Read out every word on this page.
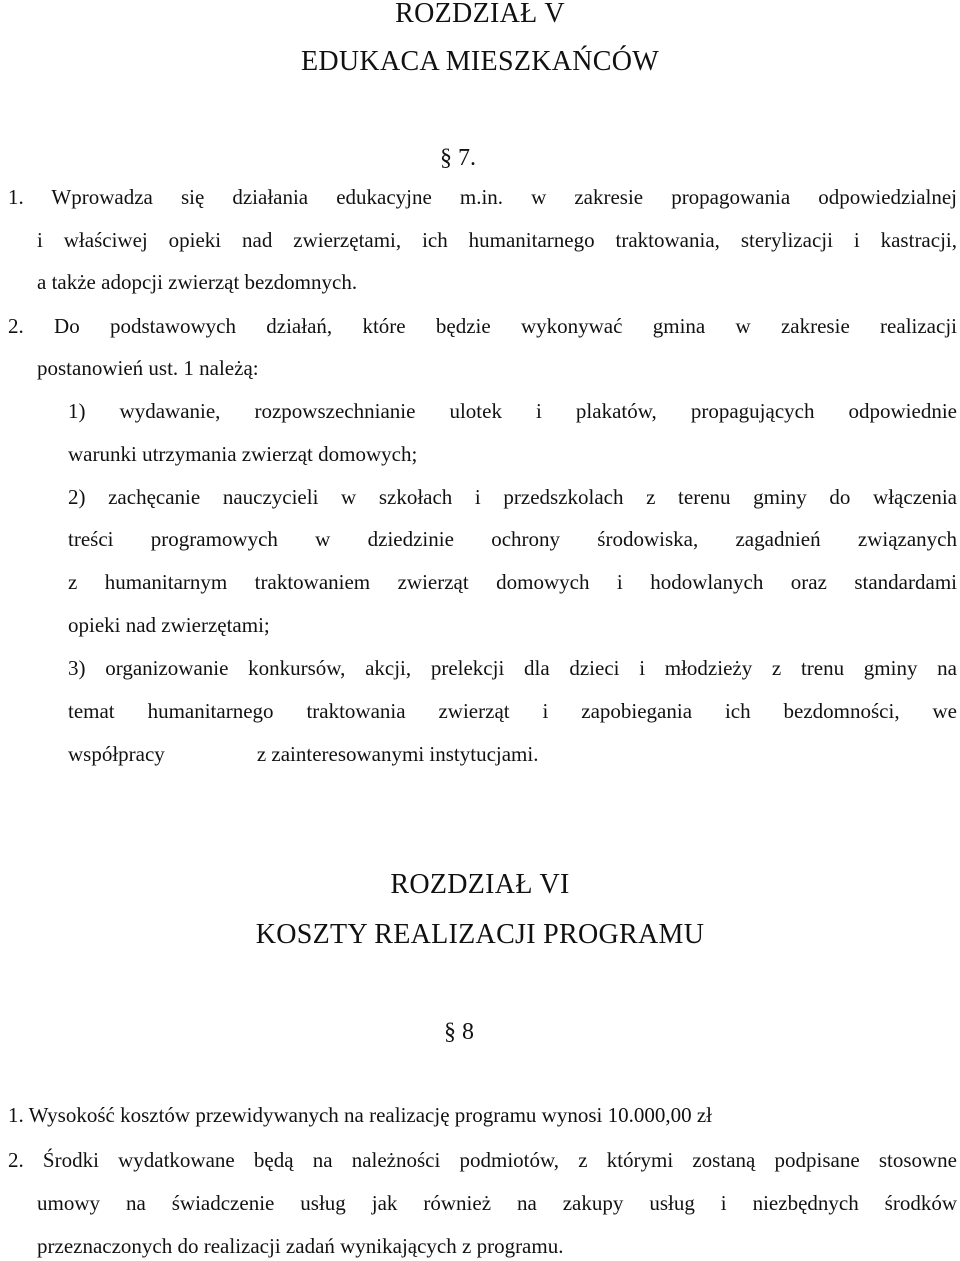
ROZDZIAŁ V
EDUKACA MIESZKAŃCÓW
§ 7.
1. Wprowadza się działania edukacyjne m.in. w zakresie propagowania odpowiedzialnej
i właściwej opieki nad zwierzętami, ich humanitarnego traktowania, sterylizacji i kastracji,
a także adopcji zwierząt bezdomnych.
2. Do podstawowych działań, które będzie wykonywać gmina w zakresie realizacji
postanowień ust. 1 należą:
1) wydawanie, rozpowszechnianie ulotek i plakatów, propagujących odpowiednie
warunki utrzymania zwierząt domowych;
2) zachęcanie nauczycieli w szkołach i przedszkolach z terenu gminy do włączenia
treści programowych w dziedzinie ochrony środowiska, zagadnień związanych
z humanitarnym traktowaniem zwierząt domowych i hodowlanych oraz standardami
opieki nad zwierzętami;
3) organizowanie konkursów, akcji, prelekcji dla dzieci i młodzieży z trenu gminy na
temat humanitarnego traktowania zwierząt i zapobiegania ich bezdomności, we
współpracy	z zainteresowanymi instytucjami.
ROZDZIAŁ VI
KOSZTY REALIZACJI PROGRAMU
§ 8
1. Wysokość kosztów przewidywanych na realizację programu wynosi 10.000,00 zł
2. Środki wydatkowane będą na należności podmiotów, z którymi zostaną podpisane stosowne
umowy na świadczenie usług jak również na zakupy usług i niezbędnych środków
przeznaczonych do realizacji zadań wynikających z programu.
